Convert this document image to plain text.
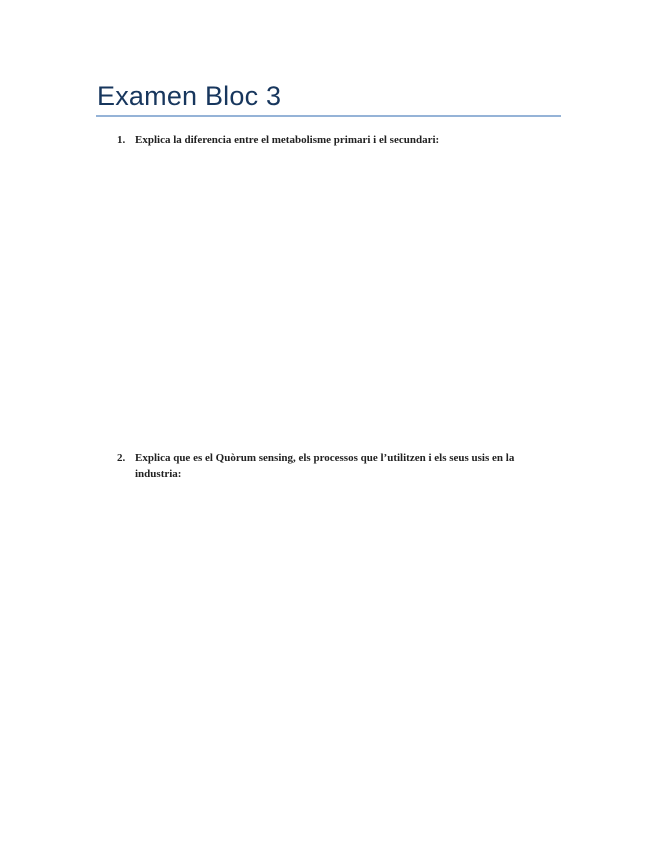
Examen Bloc 3
1. Explica la diferencia entre el metabolisme primari i el secundari:
2. Explica que es el Quòrum sensing, els processos que l’utilitzen i els seus usis en la industria:
